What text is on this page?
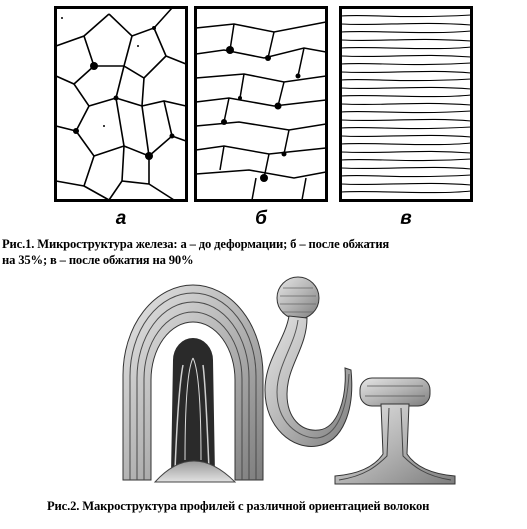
а	б	в
Рис.1. Микроструктура железа: а – до деформации; б – после обжатия
на 35%; в – после обжатия на 90%
Рис.2. Макроструктура профилей с различной ориентацией волокон
